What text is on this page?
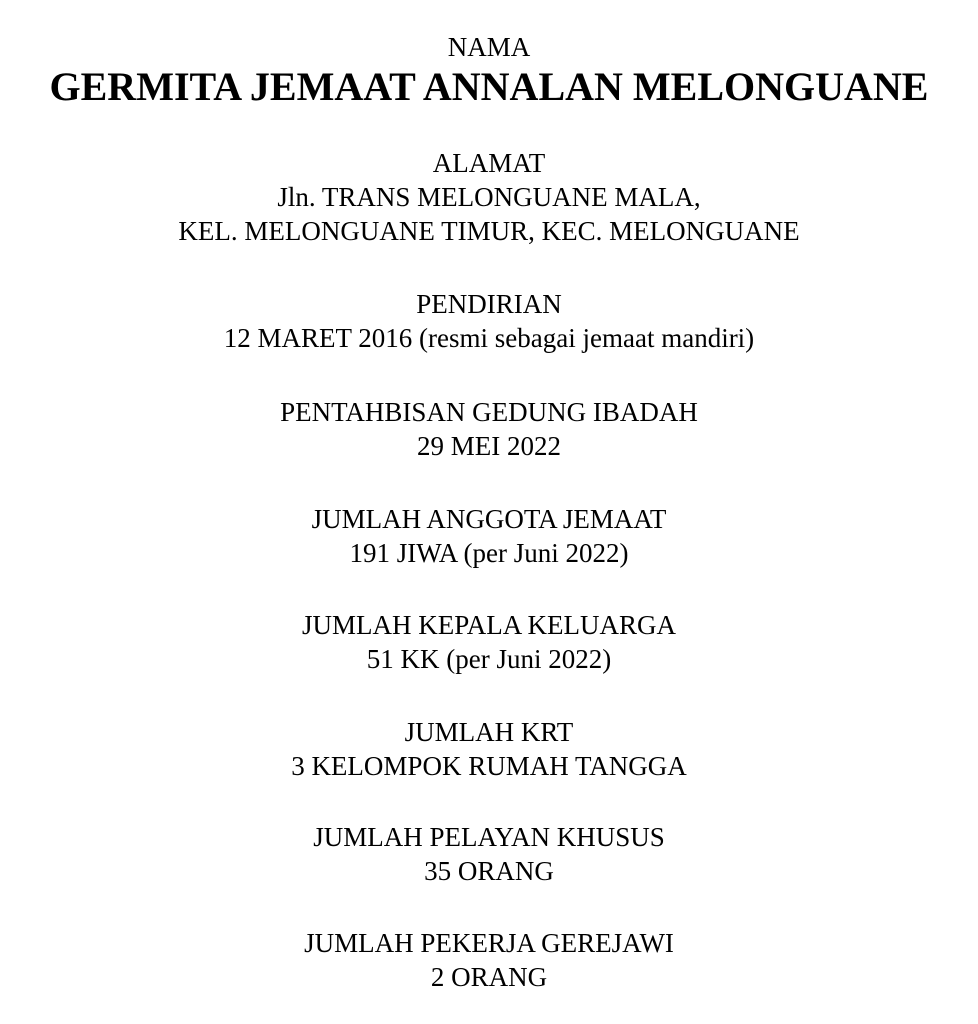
NAMA
GERMITA JEMAAT ANNALAN MELONGUANE
ALAMAT
Jln. TRANS MELONGUANE MALA,
KEL. MELONGUANE TIMUR, KEC. MELONGUANE
PENDIRIAN
12 MARET 2016 (resmi sebagai jemaat mandiri)
PENTAHBISAN GEDUNG IBADAH
29 MEI 2022
JUMLAH ANGGOTA JEMAAT
191 JIWA (per Juni 2022)
JUMLAH KEPALA KELUARGA
51 KK (per Juni 2022)
JUMLAH KRT
3 KELOMPOK RUMAH TANGGA
JUMLAH PELAYAN KHUSUS
35 ORANG
JUMLAH PEKERJA GEREJAWI
2 ORANG
